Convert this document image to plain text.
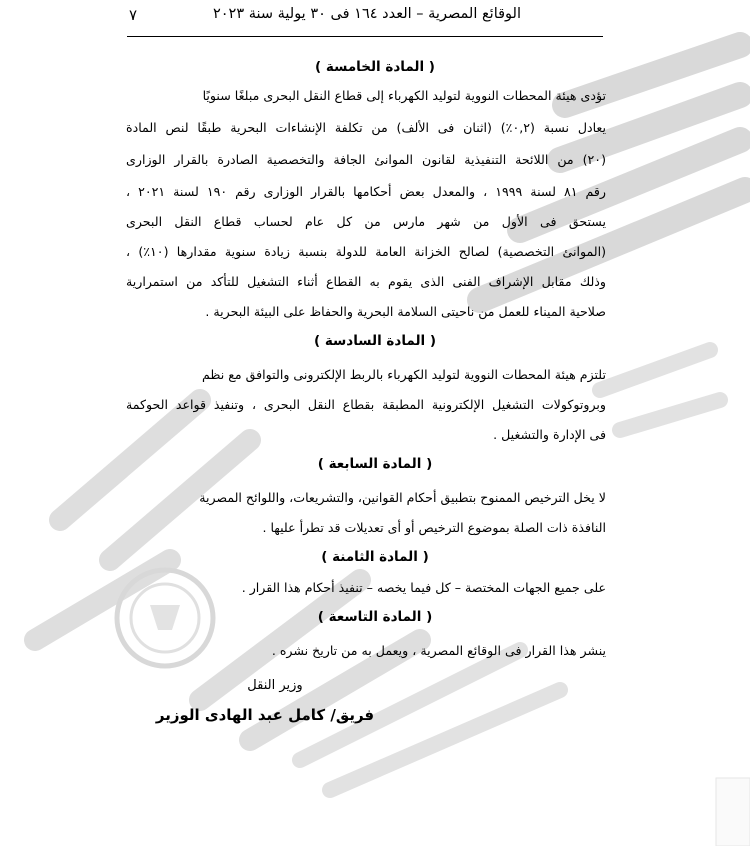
الوقائع المصرية – العدد ١٦٤ فى ٣٠ يولية سنة ٢٠٢٣
٧
( المادة الخامسة )
تؤدى هيئة المحطات النووية لتوليد الكهرباء إلى قطاع النقل البحرى مبلغًا سنويًا
يعادل نسبة (٠,٢٪) (اثنان فى الألف) من تكلفة الإنشاءات البحرية طبقًا لنص المادة
(٢٠) من اللائحة التنفيذية لقانون الموانئ الجافة والتخصصية الصادرة بالقرار الوزارى
رقم ٨١ لسنة ١٩٩٩ ، والمعدل بعض أحكامها بالقرار الوزارى رقم ١٩٠ لسنة ٢٠٢١ ،
يستحق فى الأول من شهر مارس من كل عام لحساب قطاع النقل البحرى
(الموانئ التخصصية) لصالح الخزانة العامة للدولة بنسبة زيادة سنوية مقدارها (١٠٪) ،
وذلك مقابل الإشراف الفنى الذى يقوم به القطاع أثناء التشغيل للتأكد من استمرارية
صلاحية الميناء للعمل من ناحيتى السلامة البحرية والحفاظ على البيئة البحرية .
( المادة السادسة )
تلتزم هيئة المحطات النووية لتوليد الكهرباء بالربط الإلكترونى والتوافق مع نظم
وبروتوكولات التشغيل الإلكترونية المطبقة بقطاع النقل البحرى ، وتنفيذ قواعد الحوكمة
فى الإدارة والتشغيل .
( المادة السابعة )
لا يخل الترخيص الممنوح بتطبيق أحكام القوانين، والتشريعات، واللوائح المصرية
النافذة ذات الصلة بموضوع الترخيص أو أى تعديلات قد تطرأ عليها .
( المادة الثامنة )
على جميع الجهات المختصة – كل فيما يخصه – تنفيذ أحكام هذا القرار .
( المادة التاسعة )
ينشر هذا القرار فى الوقائع المصرية ، ويعمل به من تاريخ نشره .
وزير النقل
فريق/ كامل عبد الهادى الوزير
